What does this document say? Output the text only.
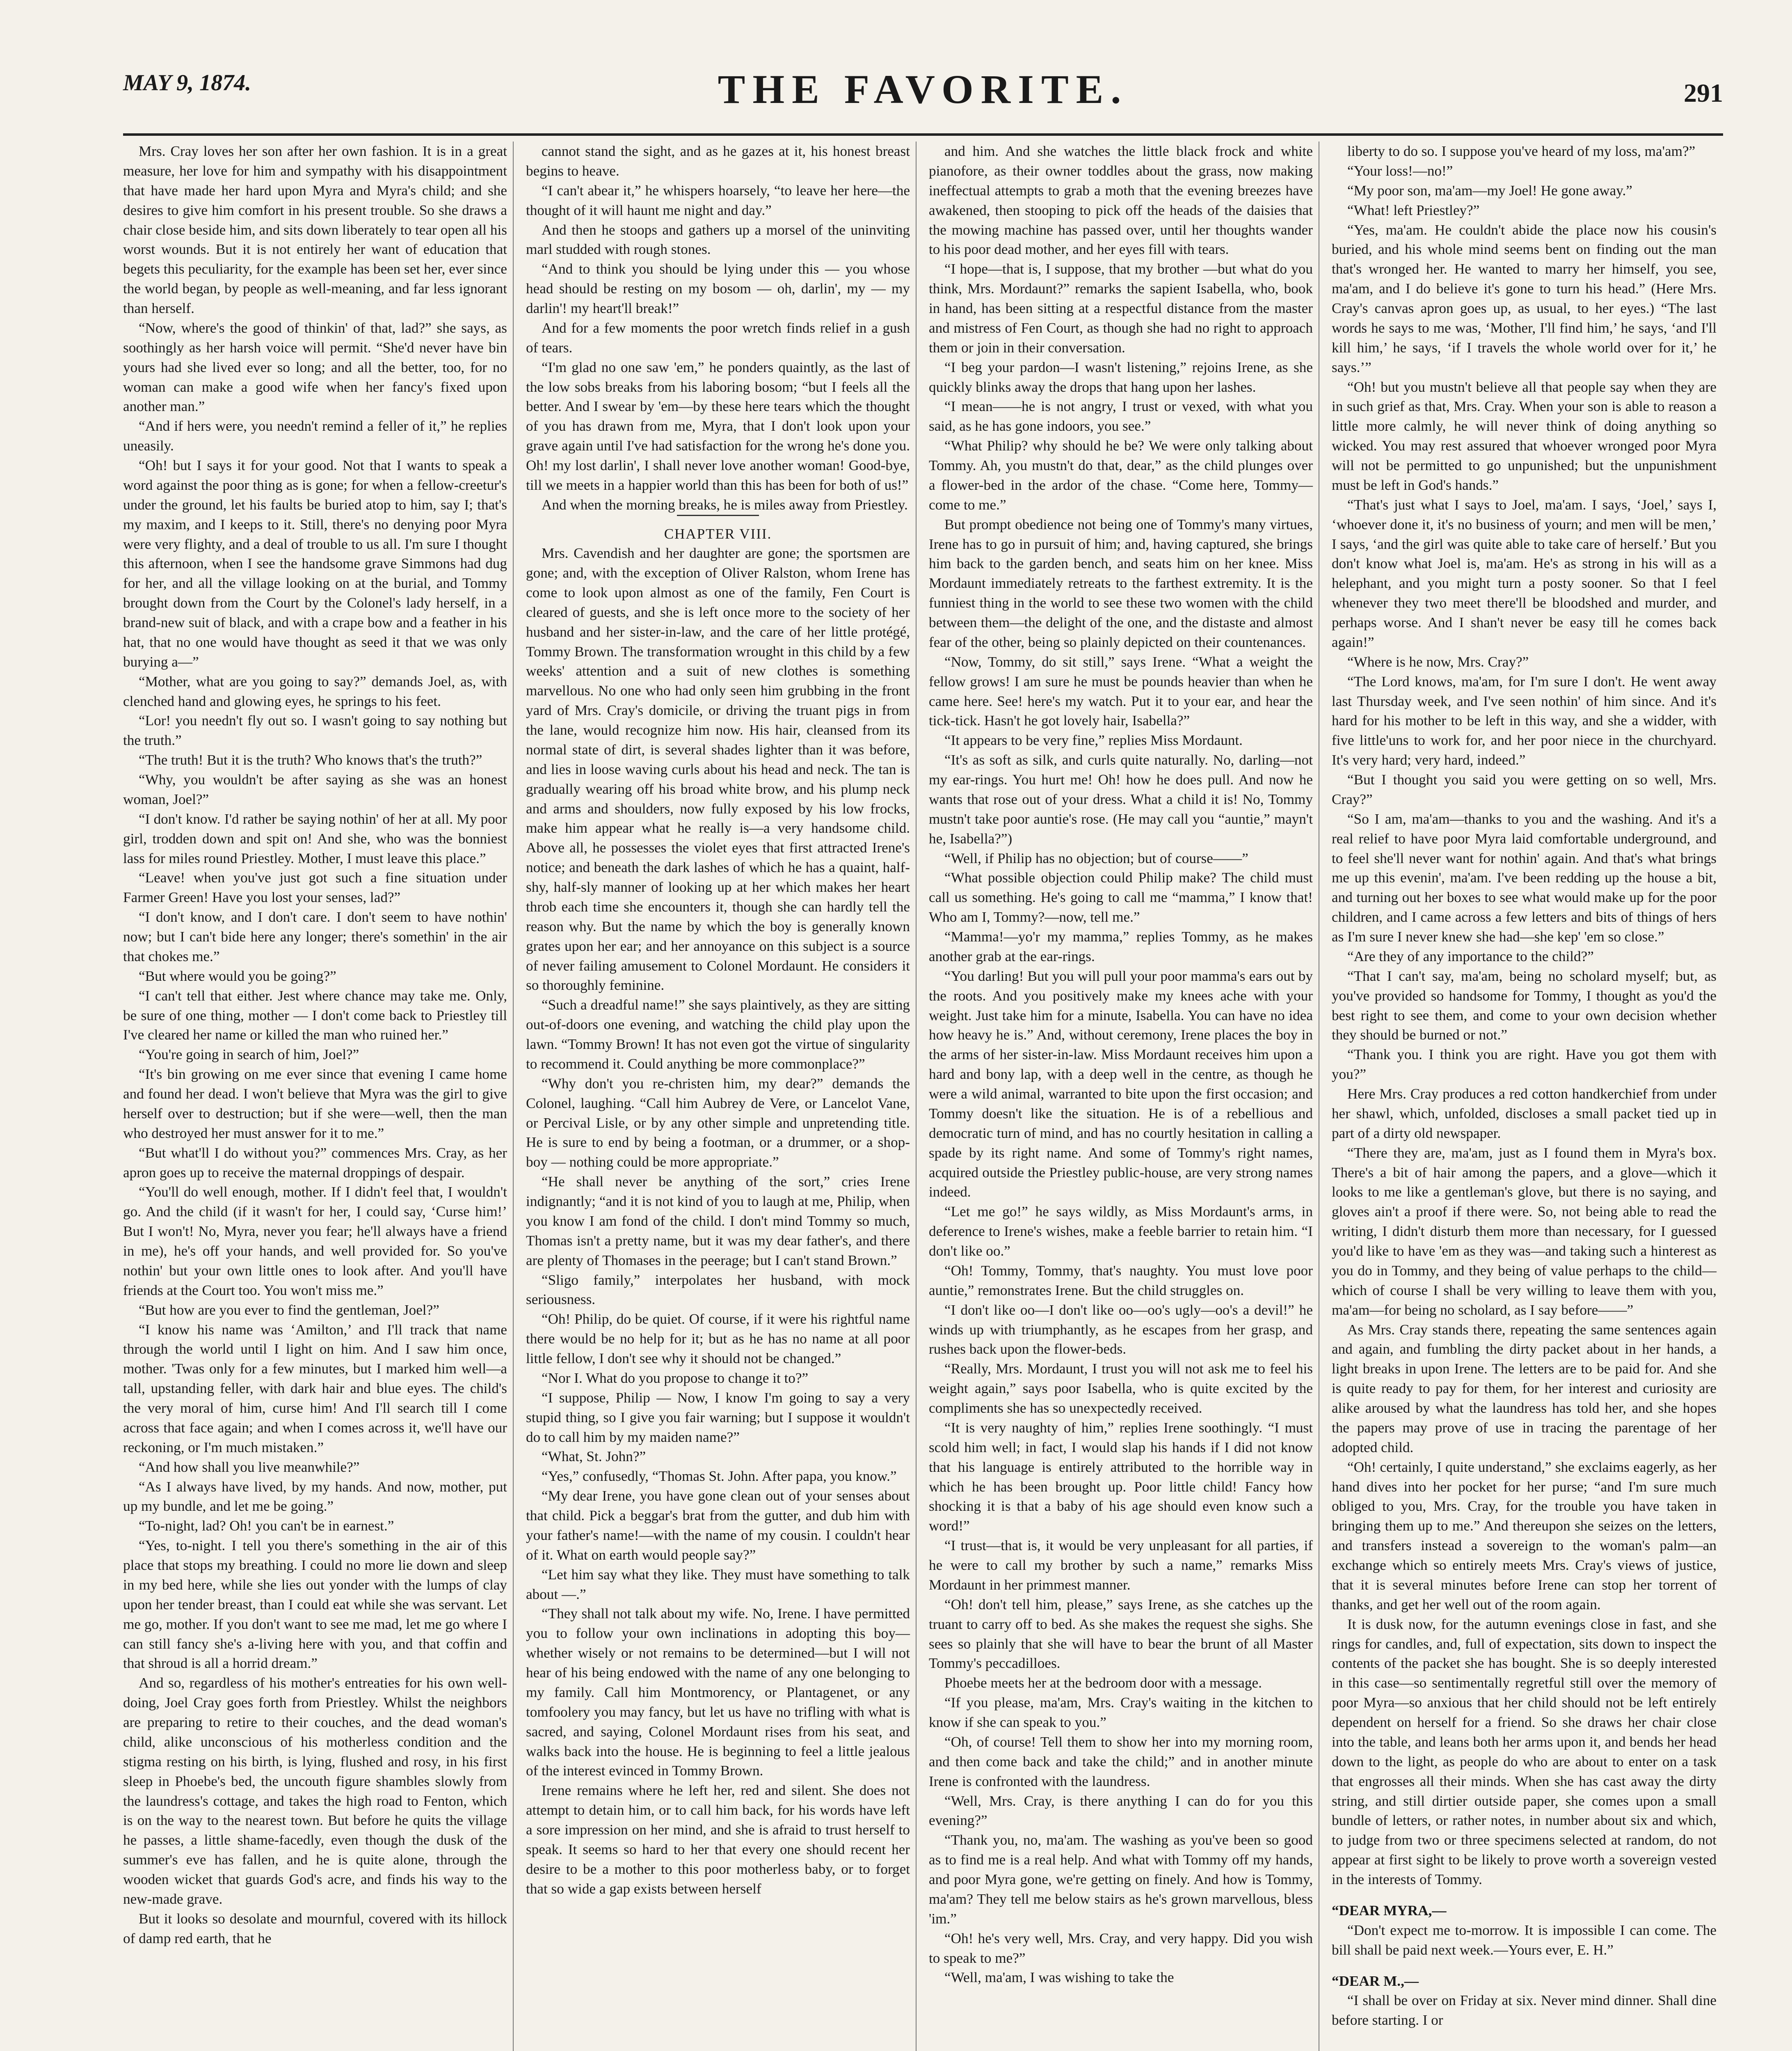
MAY 9, 1874.	THE FAVORITE.	291

Mrs. Cray loves her son after her own fashion. It is in a great measure, her love for him and sympathy with his disappointment that have made her hard upon Myra and Myra's child; and she desires to give him comfort in his present trouble. So she draws a chair close beside him, and sits down liberately to tear open all his worst wounds. But it is not entirely her want of education that begets this peculiarity, for the example has been set her, ever since the world began, by people as well-meaning, and far less ignorant than herself.

“Now, where's the good of thinkin' of that, lad?” she says, as soothingly as her harsh voice will permit. “She'd never have bin yours had she lived ever so long; and all the better, too, for no woman can make a good wife when her fancy's fixed upon another man.”

“And if hers were, you needn't remind a feller of it,” he replies uneasily.

“Oh! but I says it for your good. Not that I wants to speak a word against the poor thing as is gone; for when a fellow-creetur's under the ground, let his faults be buried atop to him, say I; that's my maxim, and I keeps to it. Still, there's no denying poor Myra were very flighty, and a deal of trouble to us all. I'm sure I thought this afternoon, when I see the handsome grave Simmons had dug for her, and all the village looking on at the burial, and Tommy brought down from the Court by the Colonel's lady herself, in a brand-new suit of black, and with a crape bow and a feather in his hat, that no one would have thought as seed it that we was only burying a—”

“Mother, what are you going to say?” demands Joel, as, with clenched hand and glowing eyes, he springs to his feet.

“Lor! you needn't fly out so. I wasn't going to say nothing but the truth.”

“The truth! But it is the truth? Who knows that's the truth?”

“Why, you wouldn't be after saying as she was an honest woman, Joel?”

“I don't know. I'd rather be saying nothin' of her at all. My poor girl, trodden down and spit on! And she, who was the bonniest lass for miles round Priestley. Mother, I must leave this place.”

“Leave! when you've just got such a fine situation under Farmer Green! Have you lost your senses, lad?”

“I don't know, and I don't care. I don't seem to have nothin' now; but I can't bide here any longer; there's somethin' in the air that chokes me.”

“But where would you be going?”

“I can't tell that either. Jest where chance may take me. Only, be sure of one thing, mother — I don't come back to Priestley till I've cleared her name or killed the man who ruined her.”

“You're going in search of him, Joel?”

“It's bin growing on me ever since that evening I came home and found her dead. I won't believe that Myra was the girl to give herself over to destruction; but if she were—well, then the man who destroyed her must answer for it to me.”

“But what'll I do without you?” commences Mrs. Cray, as her apron goes up to receive the maternal droppings of despair.

“You'll do well enough, mother. If I didn't feel that, I wouldn't go. And the child (if it wasn't for her, I could say, ‘Curse him!’ But I won't! No, Myra, never you fear; he'll always have a friend in me), he's off your hands, and well provided for. So you've nothin' but your own little ones to look after. And you'll have friends at the Court too. You won't miss me.”

“But how are you ever to find the gentleman, Joel?”

“I know his name was ‘Amilton,’ and I'll track that name through the world until I light on him. And I saw him once, mother. 'Twas only for a few minutes, but I marked him well—a tall, upstanding feller, with dark hair and blue eyes. The child's the very moral of him, curse him! And I'll search till I come across that face again; and when I comes across it, we'll have our reckoning, or I'm much mistaken.”

“And how shall you live meanwhile?”

“As I always have lived, by my hands. And now, mother, put up my bundle, and let me be going.”

“To-night, lad? Oh! you can't be in earnest.”

“Yes, to-night. I tell you there's something in the air of this place that stops my breathing. I could no more lie down and sleep in my bed here, while she lies out yonder with the lumps of clay upon her tender breast, than I could eat while she was servant. Let me go, mother. If you don't want to see me mad, let me go where I can still fancy she's a-living here with you, and that coffin and that shroud is all a horrid dream.”

And so, regardless of his mother's entreaties for his own well-doing, Joel Cray goes forth from Priestley. Whilst the neighbors are preparing to retire to their couches, and the dead woman's child, alike unconscious of his motherless condition and the stigma resting on his birth, is lying, flushed and rosy, in his first sleep in Phoebe's bed, the uncouth figure shambles slowly from the laundress's cottage, and takes the high road to Fenton, which is on the way to the nearest town. But before he quits the village he passes, a little shame-facedly, even though the dusk of the summer's eve has fallen, and he is quite alone, through the wooden wicket that guards God's acre, and finds his way to the new-made grave.

But it looks so desolate and mournful, covered with its hillock of damp red earth, that he

cannot stand the sight, and as he gazes at it, his honest breast begins to heave.

“I can't abear it,” he whispers hoarsely, “to leave her here—the thought of it will haunt me night and day.”

And then he stoops and gathers up a morsel of the uninviting marl studded with rough stones.

“And to think you should be lying under this — you whose head should be resting on my bosom — oh, darlin', my — my darlin'! my heart'll break!”

And for a few moments the poor wretch finds relief in a gush of tears.

“I'm glad no one saw 'em,” he ponders quaintly, as the last of the low sobs breaks from his laboring bosom; “but I feels all the better. And I swear by 'em—by these here tears which the thought of you has drawn from me, Myra, that I don't look upon your grave again until I've had satisfaction for the wrong he's done you. Oh! my lost darlin', I shall never love another woman! Good-bye, till we meets in a happier world than this has been for both of us!”

And when the morning breaks, he is miles away from Priestley.

CHAPTER VIII.

Mrs. Cavendish and her daughter are gone; the sportsmen are gone; and, with the exception of Oliver Ralston, whom Irene has come to look upon almost as one of the family, Fen Court is cleared of guests, and she is left once more to the society of her husband and her sister-in-law, and the care of her little protégé, Tommy Brown. The transformation wrought in this child by a few weeks' attention and a suit of new clothes is something marvellous. No one who had only seen him grubbing in the front yard of Mrs. Cray's domicile, or driving the truant pigs in from the lane, would recognize him now. His hair, cleansed from its normal state of dirt, is several shades lighter than it was before, and lies in loose waving curls about his head and neck. The tan is gradually wearing off his broad white brow, and his plump neck and arms and shoulders, now fully exposed by his low frocks, make him appear what he really is—a very handsome child. Above all, he possesses the violet eyes that first attracted Irene's notice; and beneath the dark lashes of which he has a quaint, half-shy, half-sly manner of looking up at her which makes her heart throb each time she encounters it, though she can hardly tell the reason why. But the name by which the boy is generally known grates upon her ear; and her annoyance on this subject is a source of never failing amusement to Colonel Mordaunt. He considers it so thoroughly feminine.

“Such a dreadful name!” she says plaintively, as they are sitting out-of-doors one evening, and watching the child play upon the lawn. “Tommy Brown! It has not even got the virtue of singularity to recommend it. Could anything be more commonplace?”

“Why don't you re-christen him, my dear?” demands the Colonel, laughing. “Call him Aubrey de Vere, or Lancelot Vane, or Percival Lisle, or by any other simple and unpretending title. He is sure to end by being a footman, or a drummer, or a shop-boy — nothing could be more appropriate.”

“He shall never be anything of the sort,” cries Irene indignantly; “and it is not kind of you to laugh at me, Philip, when you know I am fond of the child. I don't mind Tommy so much, Thomas isn't a pretty name, but it was my dear father's, and there are plenty of Thomases in the peerage; but I can't stand Brown.”

“Sligo family,” interpolates her husband, with mock seriousness.

“Oh! Philip, do be quiet. Of course, if it were his rightful name there would be no help for it; but as he has no name at all poor little fellow, I don't see why it should not be changed.”

“Nor I. What do you propose to change it to?”

“I suppose, Philip — Now, I know I'm going to say a very stupid thing, so I give you fair warning; but I suppose it wouldn't do to call him by my maiden name?”

“What, St. John?”

“Yes,” confusedly, “Thomas St. John. After papa, you know.”

“My dear Irene, you have gone clean out of your senses about that child. Pick a beggar's brat from the gutter, and dub him with your father's name!—with the name of my cousin. I couldn't hear of it. What on earth would people say?”

“Let him say what they like. They must have something to talk about —.”

“They shall not talk about my wife. No, Irene. I have permitted you to follow your own inclinations in adopting this boy—whether wisely or not remains to be determined—but I will not hear of his being endowed with the name of any one belonging to my family. Call him Montmorency, or Plantagenet, or any tomfoolery you may fancy, but let us have no trifling with what is sacred, and saying, Colonel Mordaunt rises from his seat, and walks back into the house. He is beginning to feel a little jealous of the interest evinced in Tommy Brown.

Irene remains where he left her, red and silent. She does not attempt to detain him, or to call him back, for his words have left a sore impression on her mind, and she is afraid to trust herself to speak. It seems so hard to her that every one should recent her desire to be a mother to this poor motherless baby, or to forget that so wide a gap exists between herself

and him. And she watches the little black frock and white pianofore, as their owner toddles about the grass, now making ineffectual attempts to grab a moth that the evening breezes have awakened, then stooping to pick off the heads of the daisies that the mowing machine has passed over, until her thoughts wander to his poor dead mother, and her eyes fill with tears.

“I hope—that is, I suppose, that my brother —but what do you think, Mrs. Mordaunt?” remarks the sapient Isabella, who, book in hand, has been sitting at a respectful distance from the master and mistress of Fen Court, as though she had no right to approach them or join in their conversation.

“I beg your pardon—I wasn't listening,” rejoins Irene, as she quickly blinks away the drops that hang upon her lashes.

“I mean——he is not angry, I trust or vexed, with what you said, as he has gone indoors, you see.”

“What Philip? why should he be? We were only talking about Tommy. Ah, you mustn't do that, dear,” as the child plunges over a flower-bed in the ardor of the chase. “Come here, Tommy—come to me.”

But prompt obedience not being one of Tommy's many virtues, Irene has to go in pursuit of him; and, having captured, she brings him back to the garden bench, and seats him on her knee. Miss Mordaunt immediately retreats to the farthest extremity. It is the funniest thing in the world to see these two women with the child between them—the delight of the one, and the distaste and almost fear of the other, being so plainly depicted on their countenances.

“Now, Tommy, do sit still,” says Irene. “What a weight the fellow grows! I am sure he must be pounds heavier than when he came here. See! here's my watch. Put it to your ear, and hear the tick-tick. Hasn't he got lovely hair, Isabella?”

“It appears to be very fine,” replies Miss Mordaunt.

“It's as soft as silk, and curls quite naturally. No, darling—not my ear-rings. You hurt me! Oh! how he does pull. And now he wants that rose out of your dress. What a child it is! No, Tommy mustn't take poor auntie's rose. (He may call you “auntie,” mayn't he, Isabella?”)

“Well, if Philip has no objection; but of course——”

“What possible objection could Philip make? The child must call us something. He's going to call me “mamma,” I know that! Who am I, Tommy?—now, tell me.”

“Mamma!—yo'r my mamma,” replies Tommy, as he makes another grab at the ear-rings.

“You darling! But you will pull your poor mamma's ears out by the roots. And you positively make my knees ache with your weight. Just take him for a minute, Isabella. You can have no idea how heavy he is.” And, without ceremony, Irene places the boy in the arms of her sister-in-law. Miss Mordaunt receives him upon a hard and bony lap, with a deep well in the centre, as though he were a wild animal, warranted to bite upon the first occasion; and Tommy doesn't like the situation. He is of a rebellious and democratic turn of mind, and has no courtly hesitation in calling a spade by its right name. And some of Tommy's right names, acquired outside the Priestley public-house, are very strong names indeed.

“Let me go!” he says wildly, as Miss Mordaunt's arms, in deference to Irene's wishes, make a feeble barrier to retain him. “I don't like oo.”

“Oh! Tommy, Tommy, that's naughty. You must love poor auntie,” remonstrates Irene. But the child struggles on.

“I don't like oo—I don't like oo—oo's ugly—oo's a devil!” he winds up with triumphantly, as he escapes from her grasp, and rushes back upon the flower-beds.

“Really, Mrs. Mordaunt, I trust you will not ask me to feel his weight again,” says poor Isabella, who is quite excited by the compliments she has so unexpectedly received.

“It is very naughty of him,” replies Irene soothingly. “I must scold him well; in fact, I would slap his hands if I did not know that his language is entirely attributed to the horrible way in which he has been brought up. Poor little child! Fancy how shocking it is that a baby of his age should even know such a word!”

“I trust—that is, it would be very unpleasant for all parties, if he were to call my brother by such a name,” remarks Miss Mordaunt in her primmest manner.

“Oh! don't tell him, please,” says Irene, as she catches up the truant to carry off to bed. As she makes the request she sighs. She sees so plainly that she will have to bear the brunt of all Master Tommy's peccadilloes.

Phoebe meets her at the bedroom door with a message.

“If you please, ma'am, Mrs. Cray's waiting in the kitchen to know if she can speak to you.”

“Oh, of course! Tell them to show her into my morning room, and then come back and take the child;” and in another minute Irene is confronted with the laundress.

“Well, Mrs. Cray, is there anything I can do for you this evening?”

“Thank you, no, ma'am. The washing as you've been so good as to find me is a real help. And what with Tommy off my hands, and poor Myra gone, we're getting on finely. And how is Tommy, ma'am? They tell me below stairs as he's grown marvellous, bless 'im.”

“Oh! he's very well, Mrs. Cray, and very happy. Did you wish to speak to me?”

“Well, ma'am, I was wishing to take the

liberty to do so. I suppose you've heard of my loss, ma'am?”

“Your loss!—no!”

“My poor son, ma'am—my Joel! He gone away.”

“What! left Priestley?”

“Yes, ma'am. He couldn't abide the place now his cousin's buried, and his whole mind seems bent on finding out the man that's wronged her. He wanted to marry her himself, you see, ma'am, and I do believe it's gone to turn his head.” (Here Mrs. Cray's canvas apron goes up, as usual, to her eyes.) “The last words he says to me was, ‘Mother, I'll find him,’ he says, ‘and I'll kill him,’ he says, ‘if I travels the whole world over for it,’ he says.’”

“Oh! but you mustn't believe all that people say when they are in such grief as that, Mrs. Cray. When your son is able to reason a little more calmly, he will never think of doing anything so wicked. You may rest assured that whoever wronged poor Myra will not be permitted to go unpunished; but the unpunishment must be left in God's hands.”

“That's just what I says to Joel, ma'am. I says, ‘Joel,’ says I, ‘whoever done it, it's no business of yourn; and men will be men,’ I says, ‘and the girl was quite able to take care of herself.’ But you don't know what Joel is, ma'am. He's as strong in his will as a helephant, and you might turn a posty sooner. So that I feel whenever they two meet there'll be bloodshed and murder, and perhaps worse. And I shan't never be easy till he comes back again!”

“Where is he now, Mrs. Cray?”

“The Lord knows, ma'am, for I'm sure I don't. He went away last Thursday week, and I've seen nothin' of him since. And it's hard for his mother to be left in this way, and she a widder, with five little'uns to work for, and her poor niece in the churchyard. It's very hard; very hard, indeed.”

“But I thought you said you were getting on so well, Mrs. Cray?”

“So I am, ma'am—thanks to you and the washing. And it's a real relief to have poor Myra laid comfortable underground, and to feel she'll never want for nothin' again. And that's what brings me up this evenin', ma'am. I've been redding up the house a bit, and turning out her boxes to see what would make up for the poor children, and I came across a few letters and bits of things of hers as I'm sure I never knew she had—she kep' 'em so close.”

“Are they of any importance to the child?”

“That I can't say, ma'am, being no scholard myself; but, as you've provided so handsome for Tommy, I thought as you'd the best right to see them, and come to your own decision whether they should be burned or not.”

“Thank you. I think you are right. Have you got them with you?”

Here Mrs. Cray produces a red cotton handkerchief from under her shawl, which, unfolded, discloses a small packet tied up in part of a dirty old newspaper.

“There they are, ma'am, just as I found them in Myra's box. There's a bit of hair among the papers, and a glove—which it looks to me like a gentleman's glove, but there is no saying, and gloves ain't a proof if there were. So, not being able to read the writing, I didn't disturb them more than necessary, for I guessed you'd like to have 'em as they was—and taking such a hinterest as you do in Tommy, and they being of value perhaps to the child—which of course I shall be very willing to leave them with you, ma'am—for being no scholard, as I say before——”

As Mrs. Cray stands there, repeating the same sentences again and again, and fumbling the dirty packet about in her hands, a light breaks in upon Irene. The letters are to be paid for. And she is quite ready to pay for them, for her interest and curiosity are alike aroused by what the laundress has told her, and she hopes the papers may prove of use in tracing the parentage of her adopted child.

“Oh! certainly, I quite understand,” she exclaims eagerly, as her hand dives into her pocket for her purse; “and I'm sure much obliged to you, Mrs. Cray, for the trouble you have taken in bringing them up to me.” And thereupon she seizes on the letters, and transfers instead a sovereign to the woman's palm—an exchange which so entirely meets Mrs. Cray's views of justice, that it is several minutes before Irene can stop her torrent of thanks, and get her well out of the room again.

It is dusk now, for the autumn evenings close in fast, and she rings for candles, and, full of expectation, sits down to inspect the contents of the packet she has bought. She is so deeply interested in this case—so sentimentally regretful still over the memory of poor Myra—so anxious that her child should not be left entirely dependent on herself for a friend. So she draws her chair close into the table, and leans both her arms upon it, and bends her head down to the light, as people do who are about to enter on a task that engrosses all their minds. When she has cast away the dirty string, and still dirtier outside paper, she comes upon a small bundle of letters, or rather notes, in number about six and which, to judge from two or three specimens selected at random, do not appear at first sight to be likely to prove worth a sovereign vested in the interests of Tommy.

“DEAR MYRA,—

“Don't expect me to-morrow. It is impossible I can come. The bill shall be paid next week.—Yours ever, E. H.”

“DEAR M.,—

“I shall be over on Friday at six. Never mind dinner. Shall dine before starting. I or
